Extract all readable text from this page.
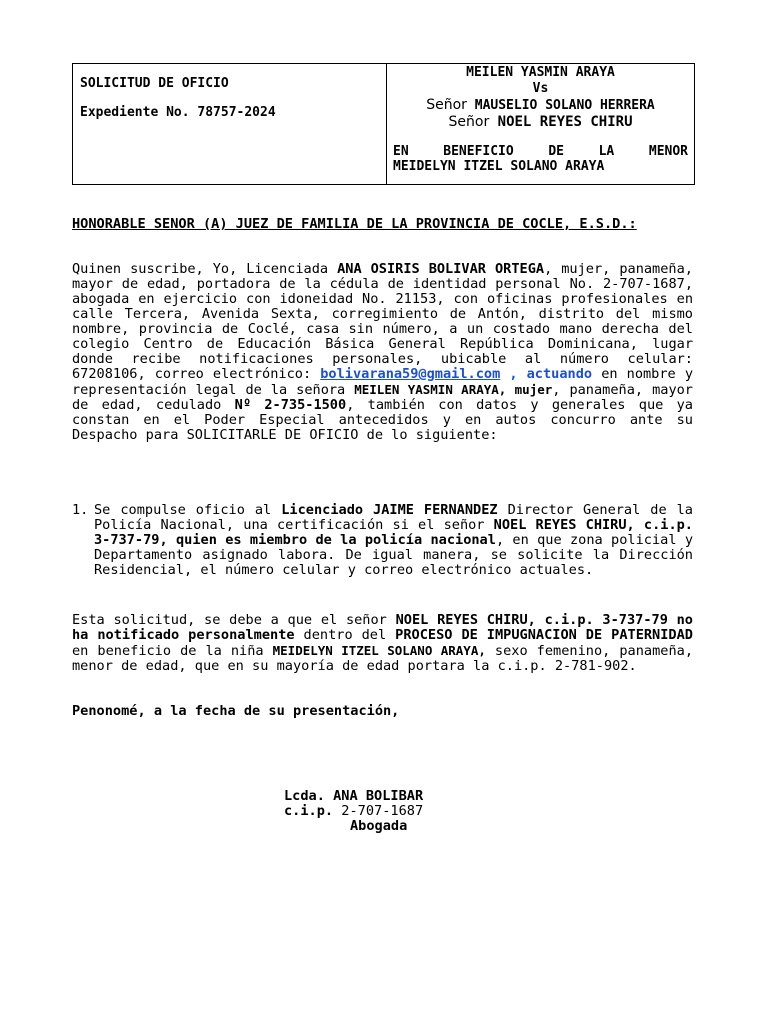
SOLICITUD DE OFICIO
Expediente No. 78757-2024
MEILEN YASMIN ARAYA
Vs
Señor MAUSELIO SOLANO HERRERA
Señor NOEL REYES CHIRU
EN BENEFICIO DE LA MENOR
MEIDELYN ITZEL SOLANO ARAYA
HONORABLE SENOR (A) JUEZ DE FAMILIA DE LA PROVINCIA DE COCLE, E.S.D.:
Quinen suscribe, Yo, Licenciada ANA OSIRIS BOLIVAR ORTEGA, mujer, panameña, mayor de edad, portadora de la cédula de identidad personal No. 2-707-1687, abogada en ejercicio con idoneidad No. 21153, con oficinas profesionales en calle Tercera, Avenida Sexta, corregimiento de Antón, distrito del mismo nombre, provincia de Coclé, casa sin número, a un costado mano derecha del colegio Centro de Educación Básica General República Dominicana, lugar donde recibe notificaciones personales, ubicable al número celular: 67208106, correo electrónico: bolivarana59@gmail.com , actuando en nombre y representación legal de la señora MEILEN YASMIN ARAYA, mujer, panameña, mayor de edad, cedulado Nº 2-735-1500, también con datos y generales que ya constan en el Poder Especial antecedidos y en autos concurro ante su Despacho para SOLICITARLE DE OFICIO de lo siguiente:
1. Se compulse oficio al Licenciado JAIME FERNANDEZ Director General de la Policía Nacional, una certificación si el señor NOEL REYES CHIRU, c.i.p. 3-737-79, quien es miembro de la policía nacional, en que zona policial y Departamento asignado labora. De igual manera, se solicite la Dirección Residencial, el número celular y correo electrónico actuales.
Esta solicitud, se debe a que el señor NOEL REYES CHIRU, c.i.p. 3-737-79 no ha notificado personalmente dentro del PROCESO DE IMPUGNACION DE PATERNIDAD en beneficio de la niña MEIDELYN ITZEL SOLANO ARAYA, sexo femenino, panameña, menor de edad, que en su mayoría de edad portara la c.i.p. 2-781-902.
Penonomé, a la fecha de su presentación,
Lcda. ANA BOLIBAR
c.i.p. 2-707-1687
Abogada
